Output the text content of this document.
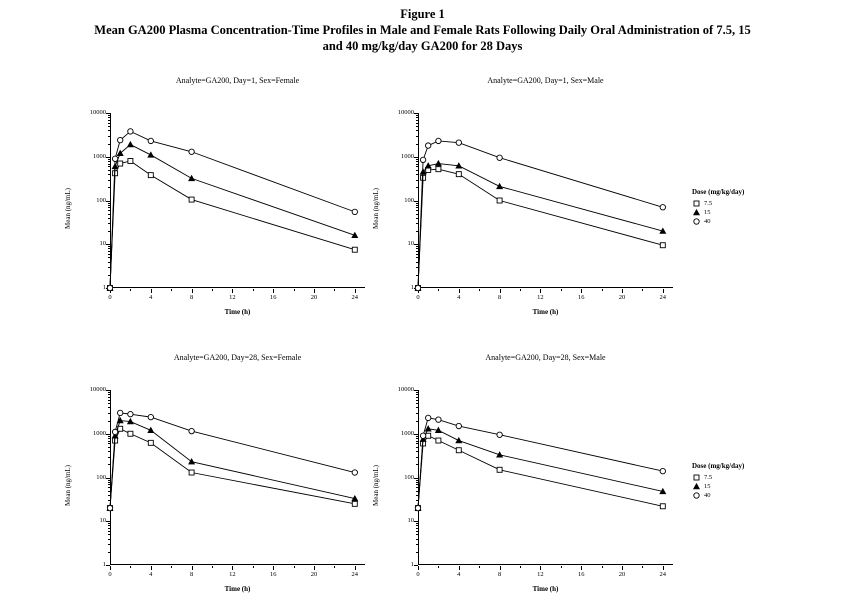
Figure 1
Mean GA200 Plasma Concentration-Time Profiles in Male and Female Rats Following Daily Oral Administration of 7.5, 15
and 40 mg/kg/day GA200 for 28 Days
Analyte=GA200, Day=1, Sex=Female
Mean (ng/mL)
Time (h)
1
10
100
1000
10000
0	4	8	12	16	20	24
Analyte=GA200, Day=1, Sex=Male
Mean (ng/mL)
Time (h)
1
10
100
1000
10000
0	4	8	12	16	20	24
Analyte=GA200, Day=28, Sex=Female
Mean (ng/mL)
Time (h)
1
10
100
1000
10000
0	4	8	12	16	20	24
Analyte=GA200, Day=28, Sex=Male
Mean (ng/mL)
Time (h)
1
10
100
1000
10000
0	4	8	12	16	20	24
Dose (mg/kg/day)
7.5
15
40
Dose (mg/kg/day)
7.5
15
40
